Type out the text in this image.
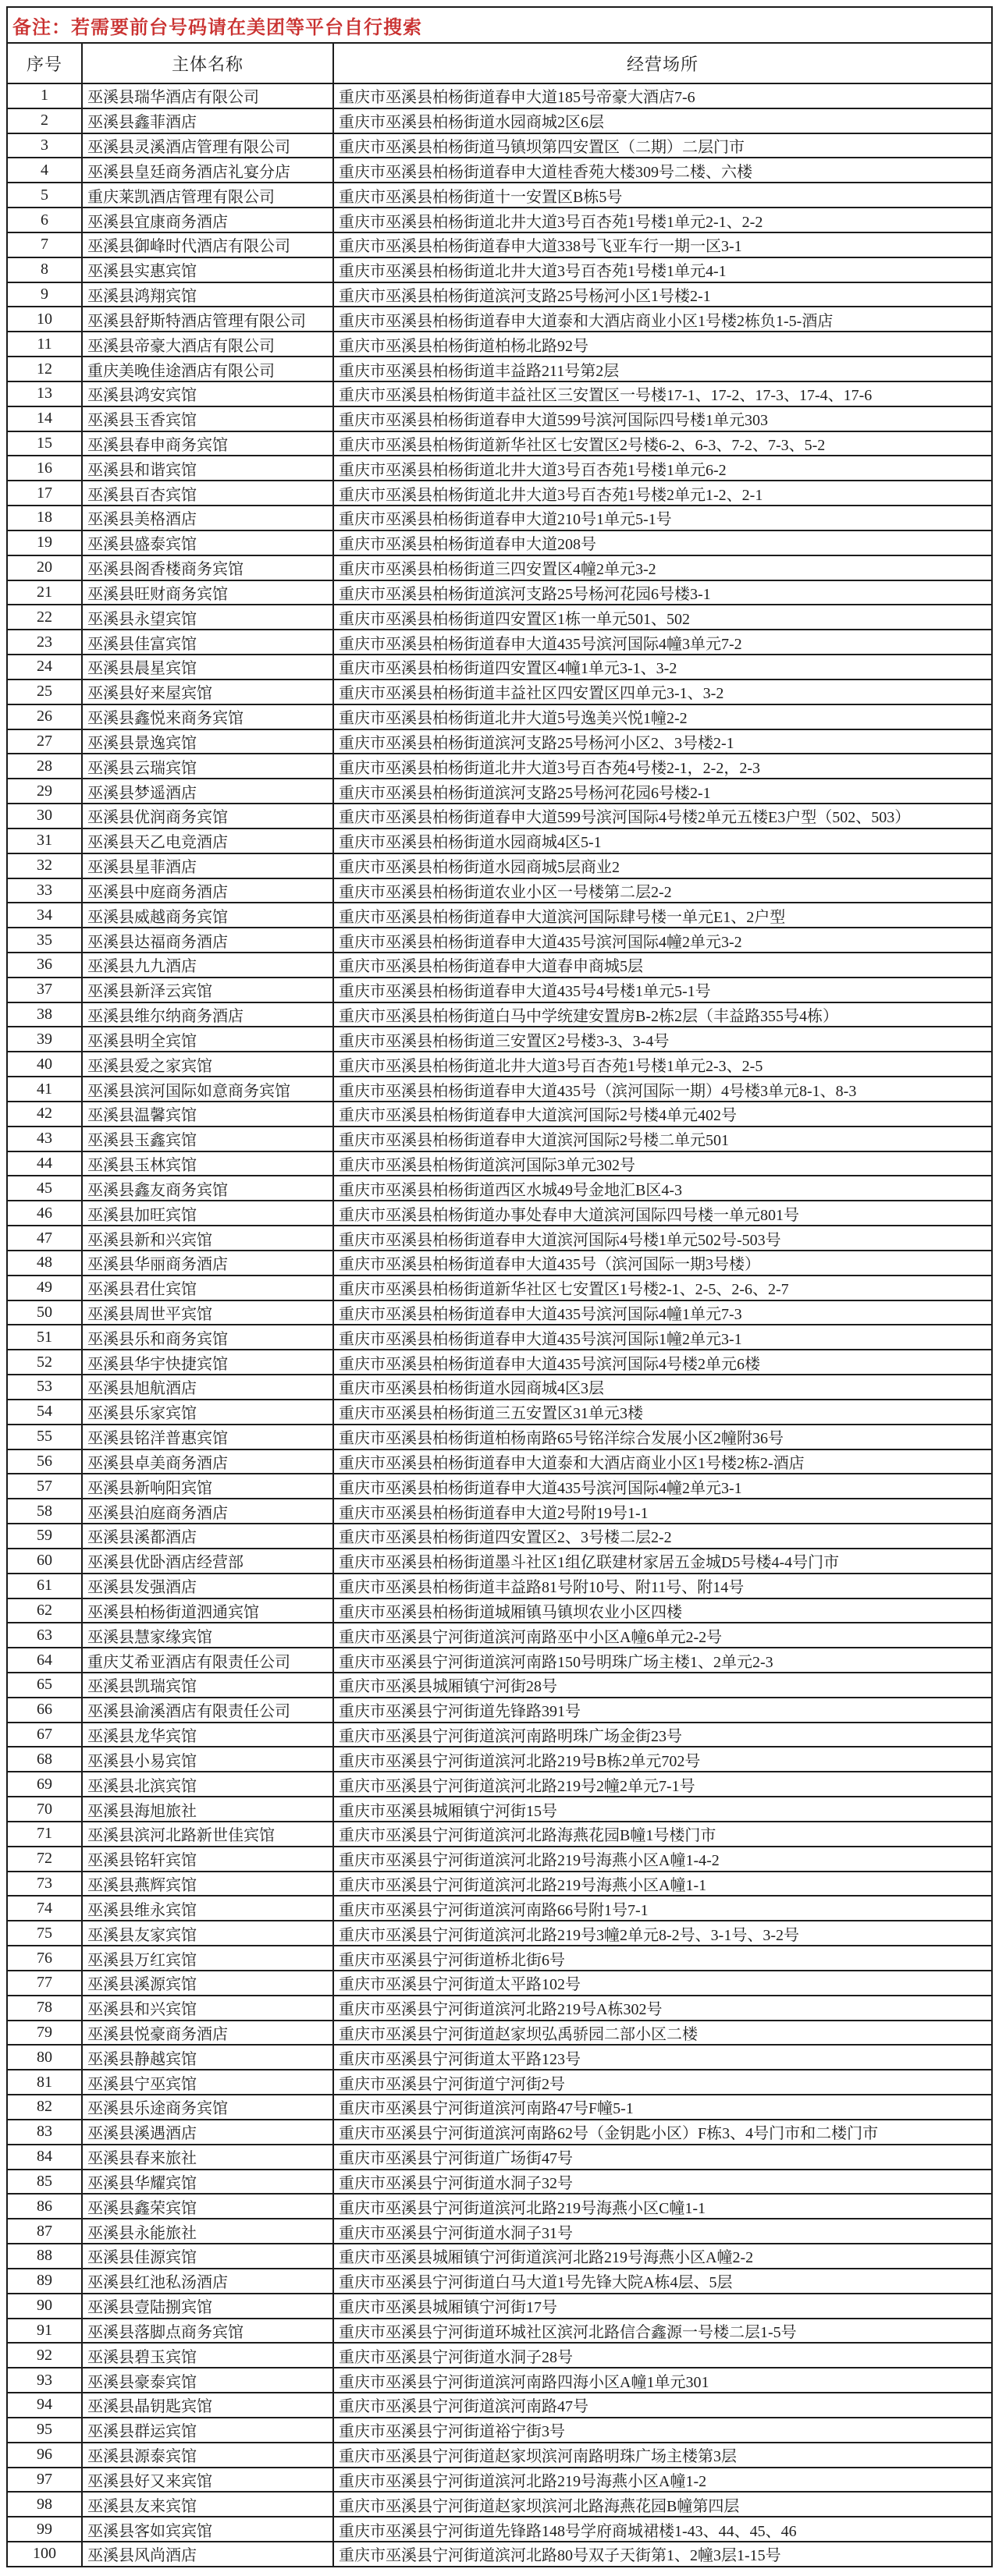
备注：若需要前台号码请在美团等平台自行搜索		
序号	主体名称	经营场所
1	巫溪县瑞华酒店有限公司	重庆市巫溪县柏杨街道春申大道185号帝豪大酒店7-6
2	巫溪县鑫菲酒店	重庆市巫溪县柏杨街道水园商城2区6层
3	巫溪县灵溪酒店管理有限公司	重庆市巫溪县柏杨街道马镇坝第四安置区（二期）二层门市
4	巫溪县皇廷商务酒店礼宴分店	重庆市巫溪县柏杨街道春申大道桂香苑大楼309号二楼、六楼
5	重庆莱凯酒店管理有限公司	重庆市巫溪县柏杨街道十一安置区B栋5号
6	巫溪县宜康商务酒店	重庆市巫溪县柏杨街道北井大道3号百杏苑1号楼1单元2-1、2-2
7	巫溪县御峰时代酒店有限公司	重庆市巫溪县柏杨街道春申大道338号飞亚车行一期一区3-1
8	巫溪县实惠宾馆	重庆市巫溪县柏杨街道北井大道3号百杏苑1号楼1单元4-1
9	巫溪县鸿翔宾馆	重庆市巫溪县柏杨街道滨河支路25号杨河小区1号楼2-1
10	巫溪县舒斯特酒店管理有限公司	重庆市巫溪县柏杨街道春申大道泰和大酒店商业小区1号楼2栋负1-5-酒店
11	巫溪县帝豪大酒店有限公司	重庆市巫溪县柏杨街道柏杨北路92号
12	重庆美晚佳途酒店有限公司	重庆市巫溪县柏杨街道丰益路211号第2层
13	巫溪县鸿安宾馆	重庆市巫溪县柏杨街道丰益社区三安置区一号楼17-1、17-2、17-3、17-4、17-6
14	巫溪县玉香宾馆	重庆市巫溪县柏杨街道春申大道599号滨河国际四号楼1单元303
15	巫溪县春申商务宾馆	重庆市巫溪县柏杨街道新华社区七安置区2号楼6-2、6-3、7-2、7-3、5-2
16	巫溪县和谐宾馆	重庆市巫溪县柏杨街道北井大道3号百杏苑1号楼1单元6-2
17	巫溪县百杏宾馆	重庆市巫溪县柏杨街道北井大道3号百杏苑1号楼2单元1-2、2-1
18	巫溪县美格酒店	重庆市巫溪县柏杨街道春申大道210号1单元5-1号
19	巫溪县盛泰宾馆	重庆市巫溪县柏杨街道春申大道208号
20	巫溪县阁香楼商务宾馆	重庆市巫溪县柏杨街道三四安置区4幢2单元3-2
21	巫溪县旺财商务宾馆	重庆市巫溪县柏杨街道滨河支路25号杨河花园6号楼3-1
22	巫溪县永望宾馆	重庆市巫溪县柏杨街道四安置区1栋一单元501、502
23	巫溪县佳富宾馆	重庆市巫溪县柏杨街道春申大道435号滨河国际4幢3单元7-2
24	巫溪县晨星宾馆	重庆市巫溪县柏杨街道四安置区4幢1单元3-1、3-2
25	巫溪县好来屋宾馆	重庆市巫溪县柏杨街道丰益社区四安置区四单元3-1、3-2
26	巫溪县鑫悦来商务宾馆	重庆市巫溪县柏杨街道北井大道5号逸美兴悦1幢2-2
27	巫溪县景逸宾馆	重庆市巫溪县柏杨街道滨河支路25号杨河小区2、3号楼2-1
28	巫溪县云瑞宾馆	重庆市巫溪县柏杨街道北井大道3号百杏苑4号楼2-1，2-2，2-3
29	巫溪县梦遥酒店	重庆市巫溪县柏杨街道滨河支路25号杨河花园6号楼2-1
30	巫溪县优润商务宾馆	重庆市巫溪县柏杨街道春申大道599号滨河国际4号楼2单元五楼E3户型（502、503）
31	巫溪县天乙电竞酒店	重庆市巫溪县柏杨街道水园商城4区5-1
32	巫溪县星菲酒店	重庆市巫溪县柏杨街道水园商城5层商业2
33	巫溪县中庭商务酒店	重庆市巫溪县柏杨街道农业小区一号楼第二层2-2
34	巫溪县威越商务宾馆	重庆市巫溪县柏杨街道春申大道滨河国际肆号楼一单元E1、2户型
35	巫溪县达福商务酒店	重庆市巫溪县柏杨街道春申大道435号滨河国际4幢2单元3-2
36	巫溪县九九酒店	重庆市巫溪县柏杨街道春申大道春申商城5层
37	巫溪县新泽云宾馆	重庆市巫溪县柏杨街道春申大道435号4号楼1单元5-1号
38	巫溪县维尔纳商务酒店	重庆市巫溪县柏杨街道白马中学统建安置房B-2栋2层（丰益路355号4栋）
39	巫溪县明全宾馆	重庆市巫溪县柏杨街道三安置区2号楼3-3、3-4号
40	巫溪县爱之家宾馆	重庆市巫溪县柏杨街道北井大道3号百杏苑1号楼1单元2-3、2-5
41	巫溪县滨河国际如意商务宾馆	重庆市巫溪县柏杨街道春申大道435号（滨河国际一期）4号楼3单元8-1、8-3
42	巫溪县温馨宾馆	重庆市巫溪县柏杨街道春申大道滨河国际2号楼4单元402号
43	巫溪县玉鑫宾馆	重庆市巫溪县柏杨街道春申大道滨河国际2号楼二单元501
44	巫溪县玉林宾馆	重庆市巫溪县柏杨街道滨河国际3单元302号
45	巫溪县鑫友商务宾馆	重庆市巫溪县柏杨街道西区水城49号金地汇B区4-3
46	巫溪县加旺宾馆	重庆市巫溪县柏杨街道办事处春申大道滨河国际四号楼一单元801号
47	巫溪县新和兴宾馆	重庆市巫溪县柏杨街道春申大道滨河国际4号楼1单元502号-503号
48	巫溪县华丽商务酒店	重庆市巫溪县柏杨街道春申大道435号（滨河国际一期3号楼）
49	巫溪县君仕宾馆	重庆市巫溪县柏杨街道新华社区七安置区1号楼2-1、2-5、2-6、2-7
50	巫溪县周世平宾馆	重庆市巫溪县柏杨街道春申大道435号滨河国际4幢1单元7-3
51	巫溪县乐和商务宾馆	重庆市巫溪县柏杨街道春申大道435号滨河国际1幢2单元3-1
52	巫溪县华宇快捷宾馆	重庆市巫溪县柏杨街道春申大道435号滨河国际4号楼2单元6楼
53	巫溪县旭航酒店	重庆市巫溪县柏杨街道水园商城4区3层
54	巫溪县乐家宾馆	重庆市巫溪县柏杨街道三五安置区31单元3楼
55	巫溪县铭洋普惠宾馆	重庆市巫溪县柏杨街道柏杨南路65号铭洋综合发展小区2幢附36号
56	巫溪县卓美商务酒店	重庆市巫溪县柏杨街道春申大道泰和大酒店商业小区1号楼2栋2-酒店
57	巫溪县新响阳宾馆	重庆市巫溪县柏杨街道春申大道435号滨河国际4幢2单元3-1
58	巫溪县泊庭商务酒店	重庆市巫溪县柏杨街道春申大道2号附19号1-1
59	巫溪县溪都酒店	重庆市巫溪县柏杨街道四安置区2、3号楼二层2-2
60	巫溪县优卧酒店经营部	重庆市巫溪县柏杨街道墨斗社区1组亿联建材家居五金城D5号楼4-4号门市
61	巫溪县发强酒店	重庆市巫溪县柏杨街道丰益路81号附10号、附11号、附14号
62	巫溪县柏杨街道泗通宾馆	重庆市巫溪县柏杨街道城厢镇马镇坝农业小区四楼
63	巫溪县慧家缘宾馆	重庆市巫溪县宁河街道滨河南路巫中小区A幢6单元2-2号
64	重庆艾希亚酒店有限责任公司	重庆市巫溪县宁河街道滨河南路150号明珠广场主楼1、2单元2-3
65	巫溪县凯瑞宾馆	重庆市巫溪县城厢镇宁河街28号
66	巫溪县渝溪酒店有限责任公司	重庆市巫溪县宁河街道先锋路391号
67	巫溪县龙华宾馆	重庆市巫溪县宁河街道滨河南路明珠广场金街23号
68	巫溪县小易宾馆	重庆市巫溪县宁河街道滨河北路219号B栋2单元702号
69	巫溪县北滨宾馆	重庆市巫溪县宁河街道滨河北路219号2幢2单元7-1号
70	巫溪县海旭旅社	重庆市巫溪县城厢镇宁河街15号
71	巫溪县滨河北路新世佳宾馆	重庆市巫溪县宁河街道滨河北路海燕花园B幢1号楼门市
72	巫溪县铭轩宾馆	重庆市巫溪县宁河街道滨河北路219号海燕小区A幢1-4-2
73	巫溪县燕辉宾馆	重庆市巫溪县宁河街道滨河北路219号海燕小区A幢1-1
74	巫溪县维永宾馆	重庆市巫溪县宁河街道滨河南路66号附1号7-1
75	巫溪县友家宾馆	重庆市巫溪县宁河街道滨河北路219号3幢2单元8-2号、3-1号、3-2号
76	巫溪县万红宾馆	重庆市巫溪县宁河街道桥北街6号
77	巫溪县溪源宾馆	重庆市巫溪县宁河街道太平路102号
78	巫溪县和兴宾馆	重庆市巫溪县宁河街道滨河北路219号A栋302号
79	巫溪县悦豪商务酒店	重庆市巫溪县宁河街道赵家坝弘禹骄园二部小区二楼
80	巫溪县静越宾馆	重庆市巫溪县宁河街道太平路123号
81	巫溪县宁巫宾馆	重庆市巫溪县宁河街道宁河街2号
82	巫溪县乐途商务宾馆	重庆市巫溪县宁河街道滨河南路47号F幢5-1
83	巫溪县溪遇酒店	重庆市巫溪县宁河街道滨河南路62号（金钥匙小区）F栋3、4号门市和二楼门市
84	巫溪县春来旅社	重庆市巫溪县宁河街道广场街47号
85	巫溪县华耀宾馆	重庆市巫溪县宁河街道水洞子32号
86	巫溪县鑫荣宾馆	重庆市巫溪县宁河街道滨河北路219号海燕小区C幢1-1
87	巫溪县永能旅社	重庆市巫溪县宁河街道水洞子31号
88	巫溪县佳源宾馆	重庆市巫溪县城厢镇宁河街道滨河北路219号海燕小区A幢2-2
89	巫溪县红池私汤酒店	重庆市巫溪县宁河街道白马大道1号先锋大院A栋4层、5层
90	巫溪县壹陆捌宾馆	重庆市巫溪县城厢镇宁河街17号
91	巫溪县落脚点商务宾馆	重庆市巫溪县宁河街道环城社区滨河北路信合鑫源一号楼二层1-5号
92	巫溪县碧玉宾馆	重庆市巫溪县宁河街道水洞子28号
93	巫溪县豪泰宾馆	重庆市巫溪县宁河街道滨河南路四海小区A幢1单元301
94	巫溪县晶钥匙宾馆	重庆市巫溪县宁河街道滨河南路47号
95	巫溪县群运宾馆	重庆市巫溪县宁河街道裕宁街3号
96	巫溪县源泰宾馆	重庆市巫溪县宁河街道赵家坝滨河南路明珠广场主楼第3层
97	巫溪县好又来宾馆	重庆市巫溪县宁河街道滨河北路219号海燕小区A幢1-2
98	巫溪县友来宾馆	重庆市巫溪县宁河街道赵家坝滨河北路海燕花园B幢第四层
99	巫溪县客如宾宾馆	重庆市巫溪县宁河街道先锋路148号学府商城裙楼1-43、44、45、46
100	巫溪县风尚酒店	重庆市巫溪县宁河街道滨河北路80号双子天街第1、2幢3层1-15号
